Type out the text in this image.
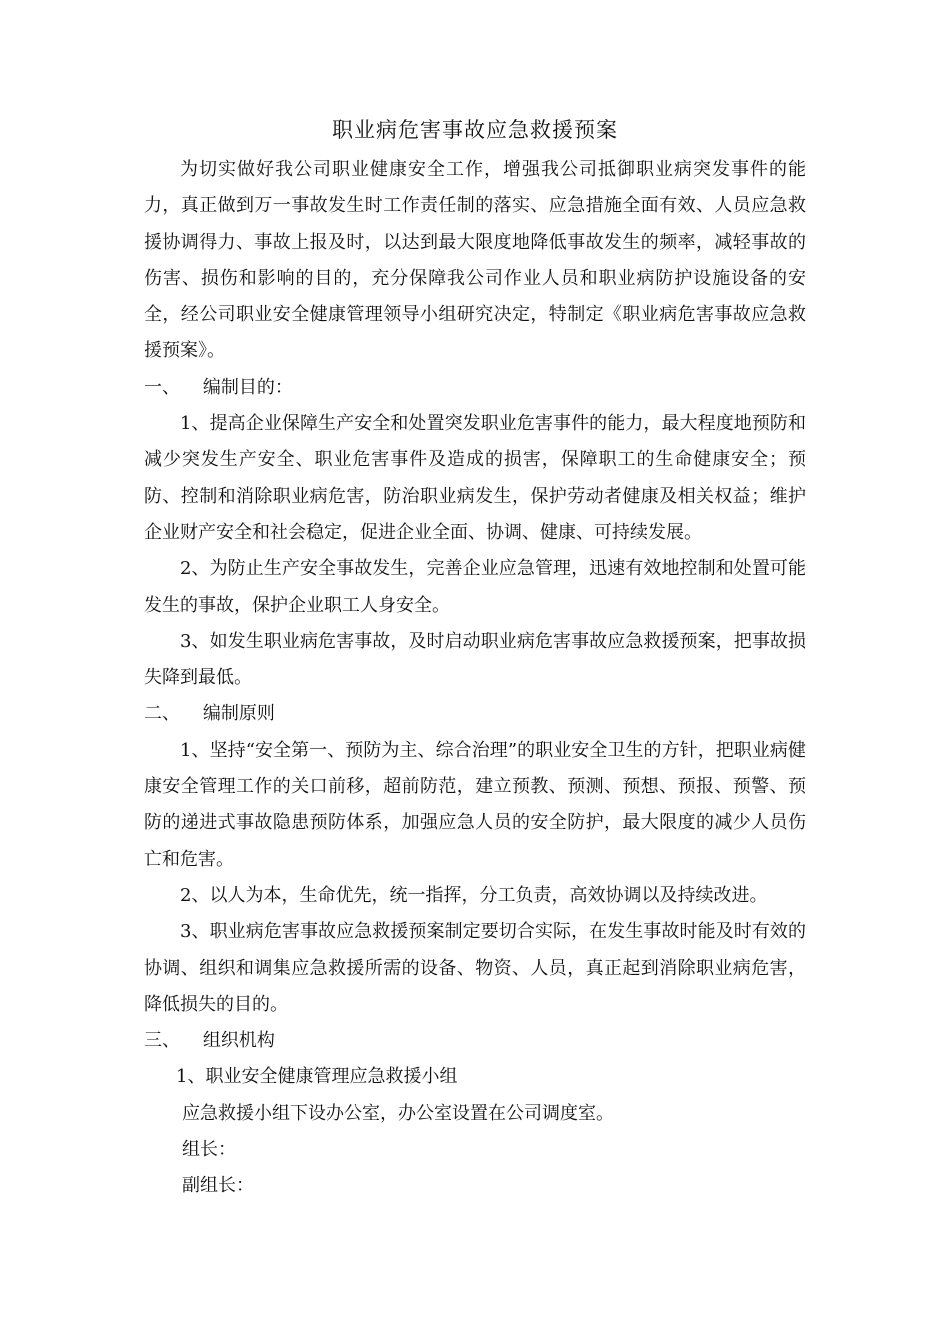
职业病危害事故应急救援预案

为切实做好我公司职业健康安全工作，增强我公司抵御职业病突发事件的能力，真正做到万一事故发生时工作责任制的落实、应急措施全面有效、人员应急救援协调得力、事故上报及时，以达到最大限度地降低事故发生的频率，减轻事故的伤害、损伤和影响的目的，充分保障我公司作业人员和职业病防护设施设备的安全，经公司职业安全健康管理领导小组研究决定，特制定《职业病危害事故应急救援预案》。

一、    编制目的：

1、提高企业保障生产安全和处置突发职业危害事件的能力，最大程度地预防和减少突发生产安全、职业危害事件及造成的损害，保障职工的生命健康安全；预防、控制和消除职业病危害，防治职业病发生，保护劳动者健康及相关权益；维护企业财产安全和社会稳定，促进企业全面、协调、健康、可持续发展。

2、为防止生产安全事故发生，完善企业应急管理，迅速有效地控制和处置可能发生的事故，保护企业职工人身安全。

3、如发生职业病危害事故，及时启动职业病危害事故应急救援预案，把事故损失降到最低。

二、    编制原则

1、坚持“安全第一、预防为主、综合治理”的职业安全卫生的方针，把职业病健康安全管理工作的关口前移，超前防范，建立预教、预测、预想、预报、预警、预防的递进式事故隐患预防体系，加强应急人员的安全防护，最大限度的减少人员伤亡和危害。

2、以人为本，生命优先，统一指挥，分工负责，高效协调以及持续改进。

3、职业病危害事故应急救援预案制定要切合实际，在发生事故时能及时有效的协调、组织和调集应急救援所需的设备、物资、人员，真正起到消除职业病危害，降低损失的目的。

三、    组织机构

1、职业安全健康管理应急救援小组

应急救援小组下设办公室，办公室设置在公司调度室。

组长：

副组长：
